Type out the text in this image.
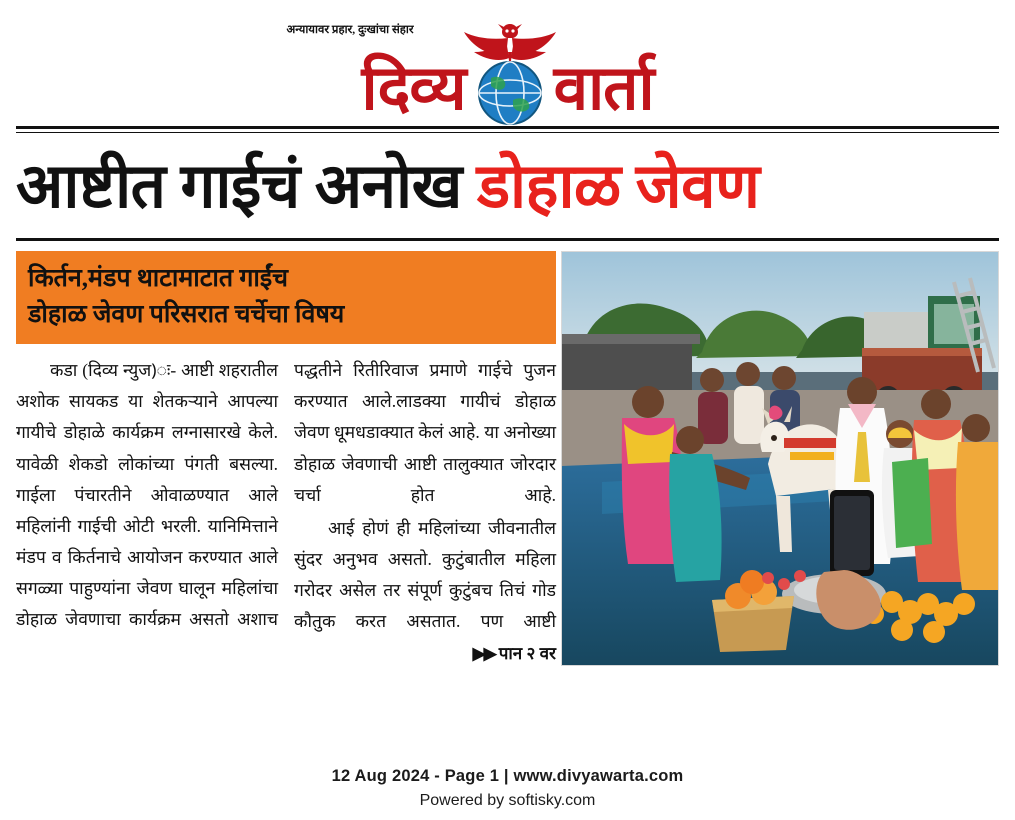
दिव्य वार्ता
अन्यायावर प्रहार, दुःखांचा संहार
आष्टीत गाईचं अनोख डोहाळ जेवण
किर्तन,मंडप थाटामाटात गाईंच
डोहाळ जेवण परिसरात चर्चेचा विषय

कडा (दिव्य न्युज)ः- आष्टी शहरातील अशोक सायकड या शेतक‍ऱ्याने आपल्या गायीचे डोहाळे कार्यक्रम लग्नासारखे केले. यावेळी शेकडो लोकांच्या पंगती बसल्या. गाईला पंचारतीने ओवाळण्यात आले महिलांनी गाईची ओटी भरली. यानिमित्ताने मंडप व किर्तनाचे आयोजन करण्यात आले सगळ्या पाहुण्यांना जेवण घालून महिलांचा डोहाळ जेवणाचा कार्यक्रम असतो अशाच

पद्धतीने रितीरिवाज प्रमाणे गाईचे पुजन करण्यात आले.लाडक्या गायीचं डोहाळ जेवण धूमधडाक्यात केलं आहे. या अनोख्या डोहाळ जेवणाची आष्टी तालुक्यात जोरदार चर्चा होत आहे.

आई होणं ही महिलांच्या जीवनातील सुंदर अनुभव असतो. कुटुंबातील महिला गरोदर असेल तर संपूर्ण कुटुंबच तिचं गोड कौतुक करत असतात. पण आष्टी

▶▶ पान २ वर

12 Aug 2024 - Page 1 | www.divyawarta.com
Powered by softisky.com
